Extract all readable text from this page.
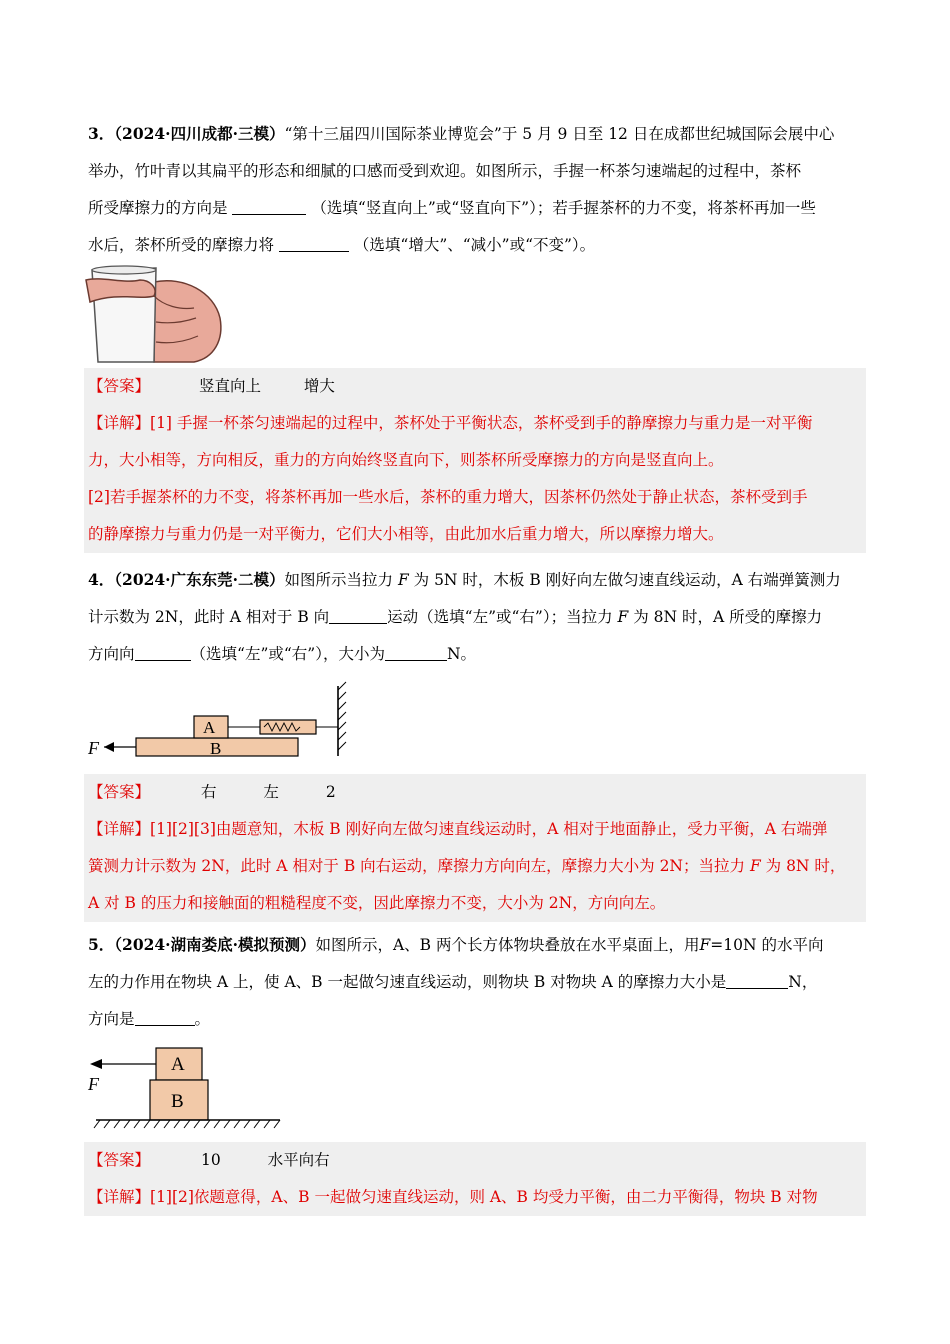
3．（2024·四川成都·三模）“第十三届四川国际茶业博览会”于 5 月 9 日至 12 日在成都世纪城国际会展中心
举办，竹叶青以其扁平的形态和细腻的口感而受到欢迎。如图所示，手握一杯茶匀速端起的过程中，茶杯
所受摩擦力的方向是	（选填“竖直向上”或“竖直向下”）；若手握茶杯的力不变，将茶杯再加一些
水后，茶杯所受的摩擦力将	（选填“增大”、“减小”或“不变”）。
【答案】	竖直向上	增大
【详解】[1] 手握一杯茶匀速端起的过程中，茶杯处于平衡状态，茶杯受到手的静摩擦力与重力是一对平衡
力，大小相等，方向相反，重力的方向始终竖直向下，则茶杯所受摩擦力的方向是竖直向上。
[2]若手握茶杯的力不变，将茶杯再加一些水后，茶杯的重力增大，因茶杯仍然处于静止状态，茶杯受到手
的静摩擦力与重力仍是一对平衡力，它们大小相等，由此加水后重力增大，所以摩擦力增大。
4．（2024·广东东莞·二模）如图所示当拉力 F 为 5N 时，木板 B 刚好向左做匀速直线运动，A 右端弹簧测力
计示数为 2N，此时 A 相对于 B 向	运动（选填“左”或“右”）；当拉力 F 为 8N 时，A 所受的摩擦力
方向向	（选填“左”或“右”），大小为	N。
B
A
F
【答案】	右	左	2
【详解】[1][2][3]由题意知，木板 B 刚好向左做匀速直线运动时，A 相对于地面静止，受力平衡，A 右端弹
簧测力计示数为 2N，此时 A 相对于 B 向右运动，摩擦力方向向左，摩擦力大小为 2N；当拉力 F 为 8N 时，
A 对 B 的压力和接触面的粗糙程度不变，因此摩擦力不变，大小为 2N，方向向左。
5．（2024·湖南娄底·模拟预测）如图所示，A、B 两个长方体物块叠放在水平桌面上，用F=10N 的水平向
左的力作用在物块 A 上，使 A、B 一起做匀速直线运动，则物块 B 对物块 A 的摩擦力大小是	N，
方向是	。
A
B
F
【答案】	10	水平向右
【详解】[1][2]依题意得，A、B 一起做匀速直线运动，则 A、B 均受力平衡，由二力平衡得，物块 B 对物
